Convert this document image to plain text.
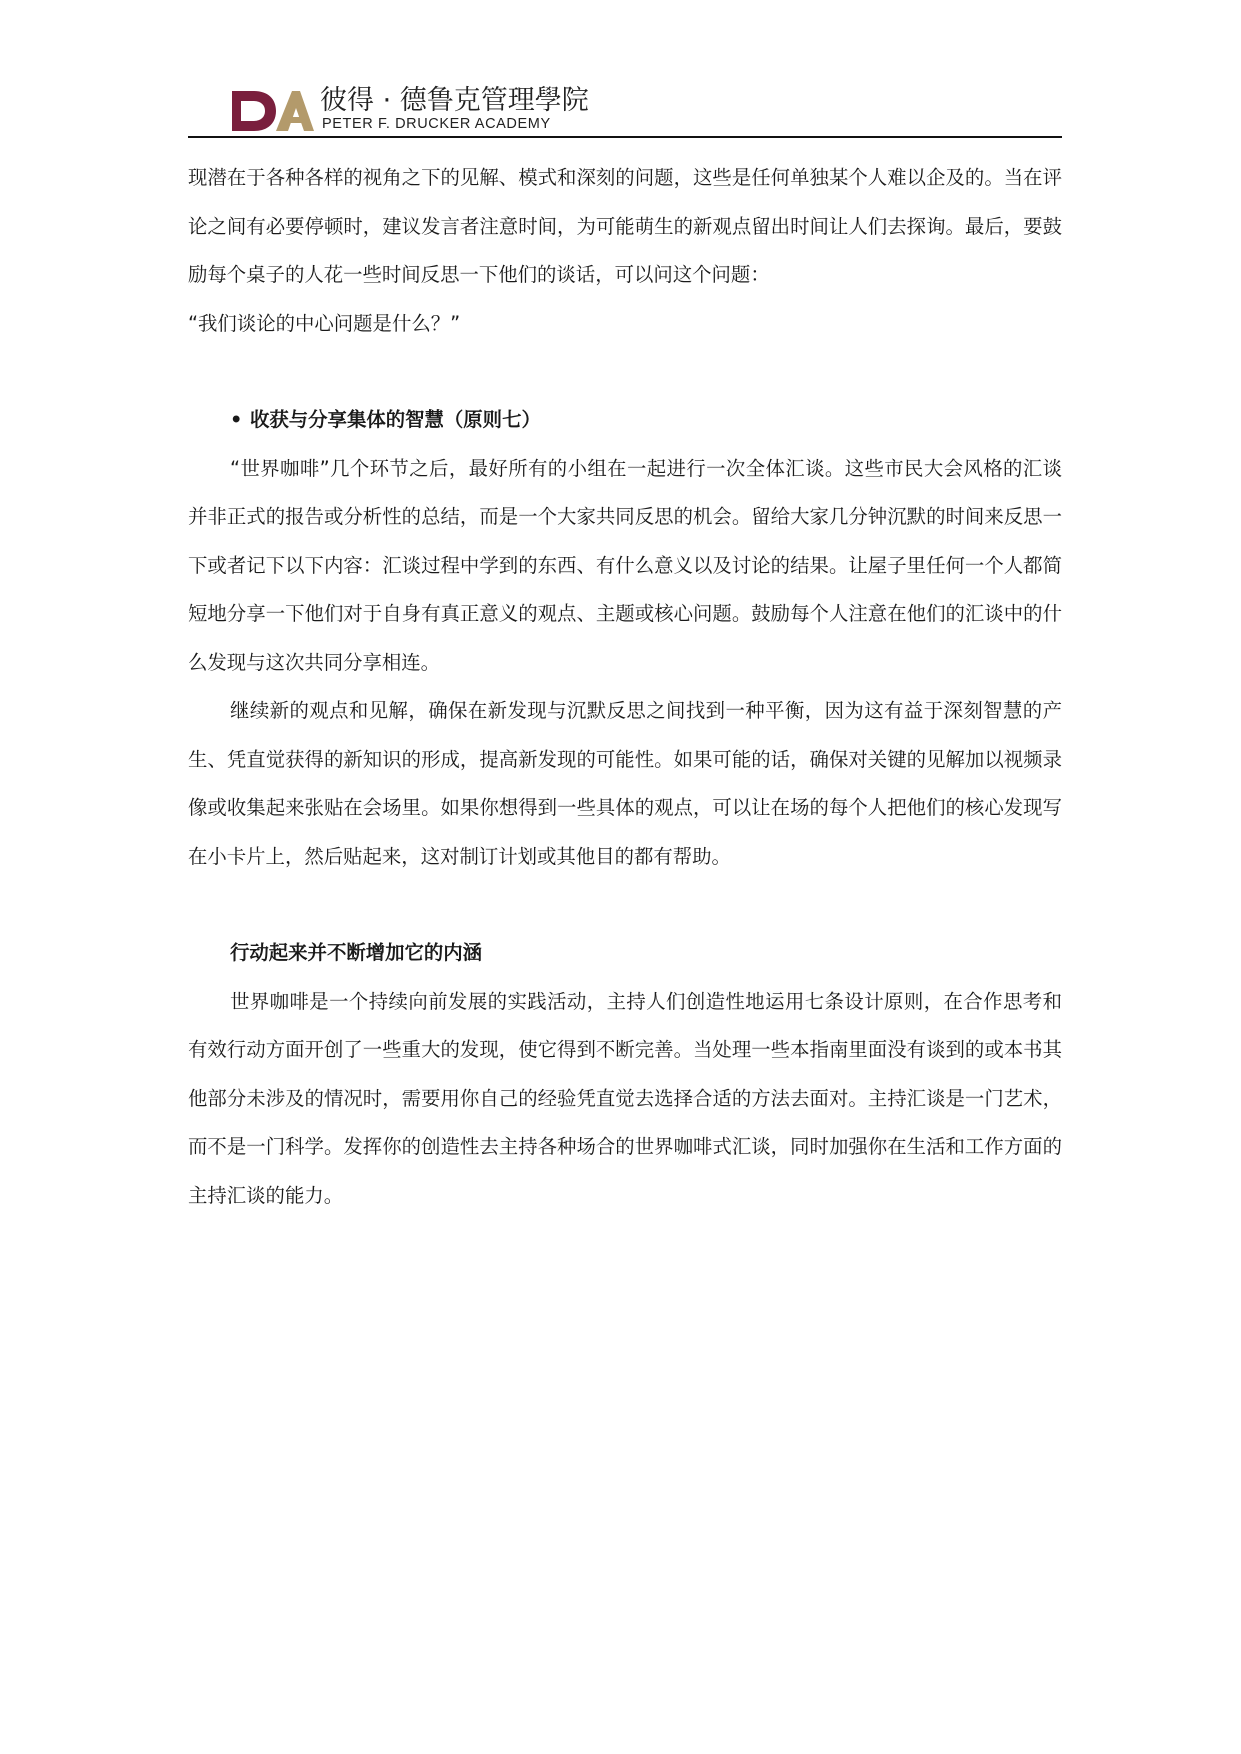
彼得 · 德鲁克管理學院
PETER F. DRUCKER ACADEMY

现潜在于各种各样的视角之下的见解、模式和深刻的问题，这些是任何单独某个人难以企及的。当在评论之间有必要停顿时，建议发言者注意时间，为可能萌生的新观点留出时间让人们去探询。最后，要鼓励每个桌子的人花一些时间反思一下他们的谈话，可以问这个问题：

“我们谈论的中心问题是什么？”

• 收获与分享集体的智慧（原则七）

“世界咖啡”几个环节之后，最好所有的小组在一起进行一次全体汇谈。这些市民大会风格的汇谈并非正式的报告或分析性的总结，而是一个大家共同反思的机会。留给大家几分钟沉默的时间来反思一下或者记下以下内容：汇谈过程中学到的东西、有什么意义以及讨论的结果。让屋子里任何一个人都简短地分享一下他们对于自身有真正意义的观点、主题或核心问题。鼓励每个人注意在他们的汇谈中的什么发现与这次共同分享相连。

继续新的观点和见解，确保在新发现与沉默反思之间找到一种平衡，因为这有益于深刻智慧的产生、凭直觉获得的新知识的形成，提高新发现的可能性。如果可能的话，确保对关键的见解加以视频录像或收集起来张贴在会场里。如果你想得到一些具体的观点，可以让在场的每个人把他们的核心发现写在小卡片上，然后贴起来，这对制订计划或其他目的都有帮助。

行动起来并不断增加它的内涵

世界咖啡是一个持续向前发展的实践活动，主持人们创造性地运用七条设计原则，在合作思考和有效行动方面开创了一些重大的发现，使它得到不断完善。当处理一些本指南里面没有谈到的或本书其他部分未涉及的情况时，需要用你自己的经验凭直觉去选择合适的方法去面对。主持汇谈是一门艺术，而不是一门科学。发挥你的创造性去主持各种场合的世界咖啡式汇谈，同时加强你在生活和工作方面的主持汇谈的能力。
